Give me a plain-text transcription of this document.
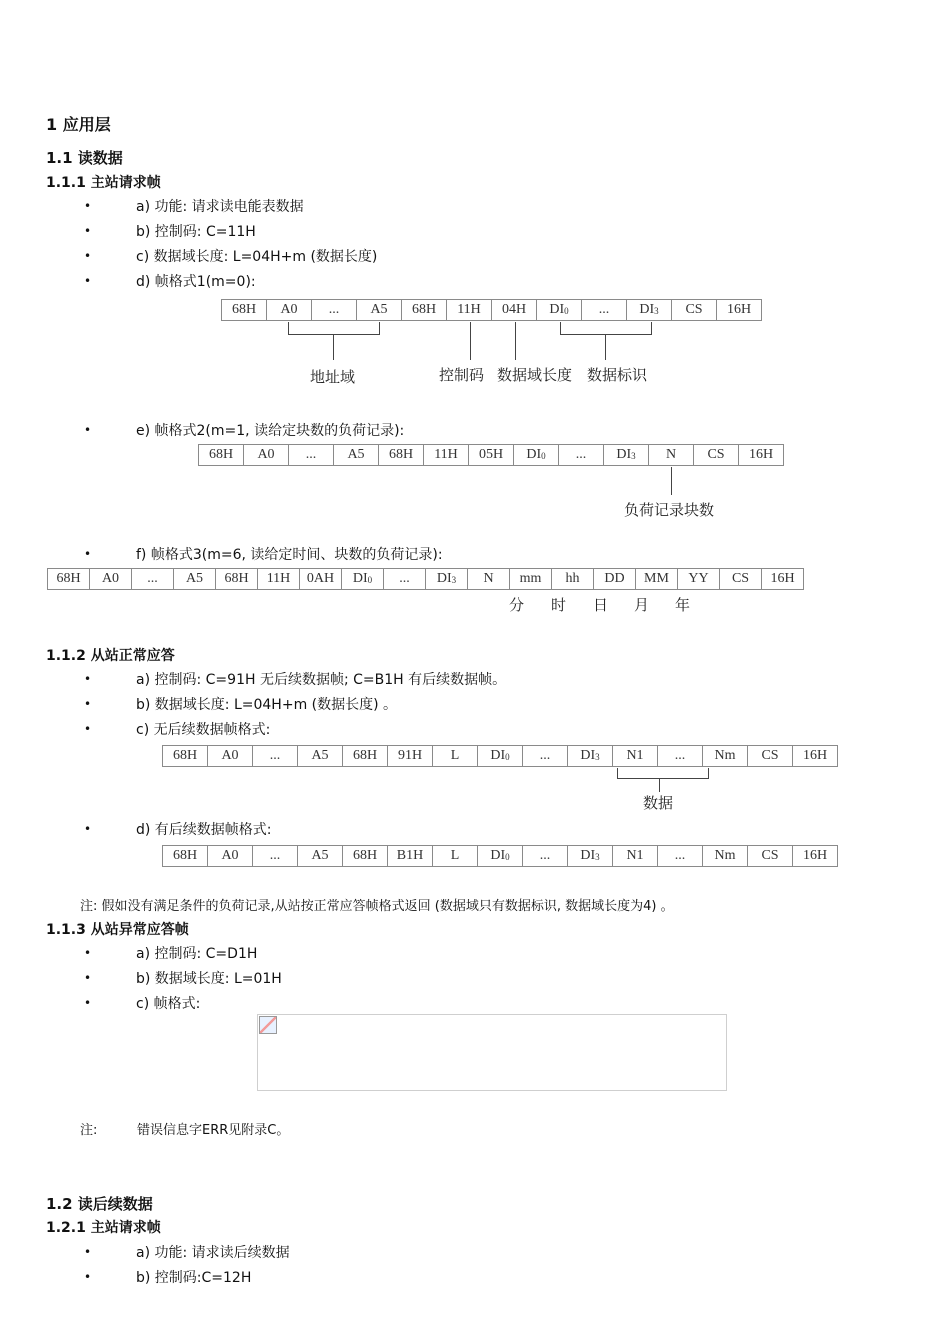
1 应用层
1.1 读数据
1.1.1 主站请求帧
•	a) 功能: 请求读电能表数据
•	b) 控制码: C=11H
•	c) 数据域长度: L=04H+m (数据长度)
•	d) 帧格式1(m=0):
68H	A0	...	A5	68H	11H	04H	$DI_0$	...	$DI_3$	CS	16H
地址域	控制码 数据域长度 数据标识
•	e) 帧格式2(m=1, 读给定块数的负荷记录):
68H	A0	...	A5	68H	11H	05H	$DI_0$	...	$DI_3$	N	CS	16H
负荷记录块数
•	f) 帧格式3(m=6, 读给定时间、块数的负荷记录):
68H	A0	...	A5	68H	11H	0AH	$DI_0$	...	$DI_3$	N	mm	hh	DD	MM	YY	CS	16H
分 时 日 月 年
1.1.2 从站正常应答
•	a) 控制码: C=91H 无后续数据帧; C=B1H 有后续数据帧。
•	b) 数据域长度: L=04H+m (数据长度) 。
•	c) 无后续数据帧格式:
68H	A0	...	A5	68H	91H	L	$DI_0$	...	$DI_3$	N1	...	Nm	CS	16H
数据
•	d) 有后续数据帧格式:
68H	A0	...	A5	68H	B1H	L	$DI_0$	...	$DI_3$	N1	...	Nm	CS	16H
注: 假如没有满足条件的负荷记录,从站按正常应答帧格式返回 (数据域只有数据标识, 数据域长度为4) 。
1.1.3 从站异常应答帧
•	a) 控制码: C=D1H
•	b) 数据域长度: L=01H
•	c) 帧格式:
注:	错误信息字ERR见附录C。
1.2 读后续数据
1.2.1 主站请求帧
•	a) 功能: 请求读后续数据
•	b) 控制码:C=12H
